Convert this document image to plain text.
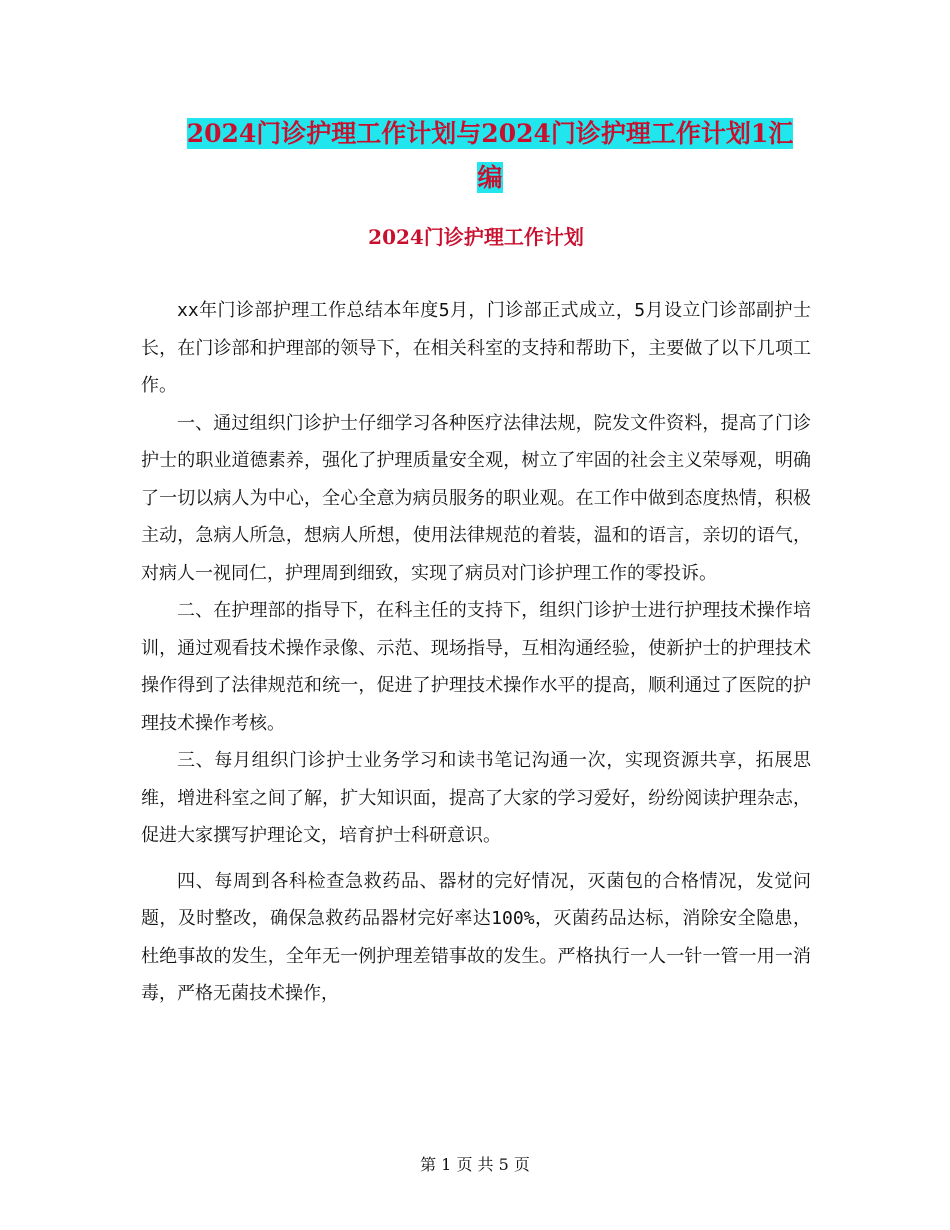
2024门诊护理工作计划与2024门诊护理工作计划1汇
编
2024门诊护理工作计划

xx年门诊部护理工作总结本年度5月，门诊部正式成立，5月设立门诊部副护士长，在门诊部和护理部的领导下，在相关科室的支持和帮助下，主要做了以下几项工作。

一、通过组织门诊护士仔细学习各种医疗法律法规，院发文件资料，提高了门诊护士的职业道德素养，强化了护理质量安全观，树立了牢固的社会主义荣辱观，明确了一切以病人为中心，全心全意为病员服务的职业观。在工作中做到态度热情，积极主动，急病人所急，想病人所想，使用法律规范的着装，温和的语言，亲切的语气，对病人一视同仁，护理周到细致，实现了病员对门诊护理工作的零投诉。

二、在护理部的指导下，在科主任的支持下，组织门诊护士进行护理技术操作培训，通过观看技术操作录像、示范、现场指导，互相沟通经验，使新护士的护理技术操作得到了法律规范和统一，促进了护理技术操作水平的提高，顺利通过了医院的护理技术操作考核。

三、每月组织门诊护士业务学习和读书笔记沟通一次，实现资源共享，拓展思维，增进科室之间了解，扩大知识面，提高了大家的学习爱好，纷纷阅读护理杂志，促进大家撰写护理论文，培育护士科研意识。

四、每周到各科检查急救药品、器材的完好情况，灭菌包的合格情况，发觉问题，及时整改，确保急救药品器材完好率达100%，灭菌药品达标，消除安全隐患，杜绝事故的发生，全年无一例护理差错事故的发生。严格执行一人一针一管一用一消毒，严格无菌技术操作，

第 1 页 共 5 页
